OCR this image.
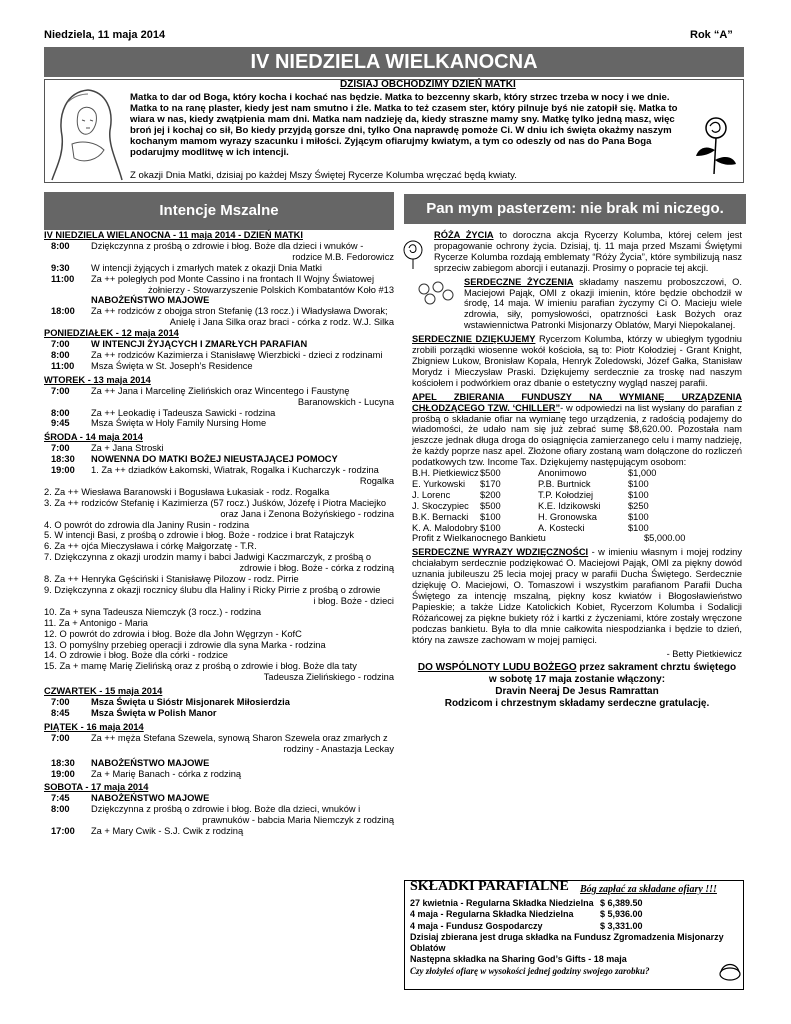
Niedziela, 11 maja 2014	Rok “A”
IV NIEDZIELA WIELKANOCNA
DZISIAJ OBCHODZIMY DZIEŃ MATKI
Matka to dar od Boga, który kocha i kochać nas będzie. Matka to bezcenny skarb, który strzec trzeba w nocy i we dnie. Matka to na ranę plaster, kiedy jest nam smutno i źle. Matka to też czasem ster, który pilnuje byś nie zatopił się. Matka to wiara w nas, kiedy zwątpienia mam dni. Matka nam nadzieję da, kiedy straszne mamy sny. Matkę tylko jedną masz, więc broń jej i kochaj co sił, Bo kiedy przyjdą gorsze dni, tylko Ona naprawdę pomoże Ci. W dniu ich święta okażmy naszym kochanym mamom wyrazy szacunku i miłości. Zyjącym ofiarujmy kwiatym, a tym co odeszly od nas do Pana Boga podarujmy modlitwę w ich intencji.
Z okazji Dnia Matki, dzisiaj po każdej Mszy Świętej Rycerze Kolumba wręczać będą kwiaty.
Intencje Mszalne	Pan mym pasterzem: nie brak mi niczego.
IV NIEDZIELA WIELANOCNA - 11 maja 2014 - DZIEŃ MATKI
8:00	Dziękczynna z prośbą o zdrowie i błog. Boże dla dzieci i wnuków -
rodzice M.B. Fedorowicz
9:30	W intencji żyjących i zmarłych matek z okazji Dnia Matki
11:00	Za ++ poległych pod Monte Cassino i na frontach II Wojny Światowej
żołnierzy - Stowarzyszenie Polskich Kombatantów Koło #13
NABOŻEŃSTWO MAJOWE
18:00	Za ++ rodziców z obojga stron Stefanię (13 rocz.) i Władysława Dworak;
Anielę i Jana Silka oraz braci - córka z rodz. W.J. Silka
PONIEDZIAŁEK - 12 maja 2014
7:00	W INTENCJI ŻYJĄCYCH I ZMARŁYCH PARAFIAN
8:00	Za ++ rodziców Kazimierza i Stanisławę Wierzbicki - dzieci z rodzinami
11:00	Msza Święta w St. Joseph’s Residence
WTOREK - 13 maja 2014
7:00	Za ++ Jana i Marcelinę Zielińskich oraz Wincentego i Faustynę
Baranowskich - Lucyna
8:00	Za ++ Leokadię i Tadeusza Sawicki - rodzina
9:45	Msza Święta w Holy Family Nursing Home
ŚRODA - 14 maja 2014
7:00	Za + Jana Stroski
18:30	NOWENNA DO MATKI BOŻEJ NIEUSTAJĄCEJ POMOCY
19:00	1. Za ++ dziadków Łakomski, Wiatrak, Rogalka i Kucharczyk - rodzina
Rogalka
2. Za ++ Wiesława Baranowski i Bogusława Łukasiak - rodz. Rogalka
3. Za ++ rodziców Stefanię i Kazimierza (57 rocz.) Juśków, Józefę i Piotra Maciejko
oraz Jana i Zenona Bożyńskiego - rodzina
4. O powrót do zdrowia dla Janiny Rusin - rodzina
5. W intencji Basi, z prośbą o zdrowie i błog. Boże - rodzice i brat Ratajczyk
6. Za ++ ojća Mieczysława i córkę Małgorzatę - T.R.
7. Dziękczynna z okazji urodzin mamy i babci Jadwigi Kaczmarczyk, z prośbą o
zdrowie i błog. Boże - córka z rodziną
8. Za ++ Henryka Gęściński i Stanisławę Pilozow - rodz. Pirrie
9. Dziękczynna z okazji rocznicy ślubu dla Haliny i Ricky Pirrie z prośbą o zdrowie
i błog. Boże - dzieci
10. Za + syna Tadeusza Niemczyk (3 rocz.) - rodzina
11. Za + Antonigo - Maria
12. O powrót do zdrowia i błog. Boże dla John Węgrzyn - KofC
13. O pomyślny przebieg operacji i zdrowie dla syna Marka - rodzina
14. O zdrowie i błog. Boże dla córki - rodzice
15. Za + mamę Marię Zielińską oraz z prośbą o zdrowie i błog. Boże dla taty
Tadeusza Zielińskiego - rodzina
CZWARTEK - 15 maja 2014
7:00	Msza Święta u Sióstr Misjonarek Miłosierdzia
8:45	Msza Święta w Polish Manor
PIĄTEK - 16 maja 2014
7:00	Za ++ męża Stefana Szewela, synową Sharon Szewela oraz zmarłych z
rodziny - Anastazja Leckay
18:30	NABOŻEŃSTWO MAJOWE
19:00	Za + Marię Banach - córka z rodziną
SOBOTA - 17 maja 2014
7:45	NABOŻEŃSTWO MAJOWE
8:00	Dziękczynna z prośbą o zdrowie i błog. Boże dla dzieci, wnuków i
prawnuków - babcia Maria Niemczyk z rodziną
17:00	Za + Mary Cwik - S.J. Cwik z rodziną
RÓŻA ŻYCIA to doroczna akcja Rycerzy Kolumba, której celem jest propagowanie ochrony życia. Dzisiaj, tj. 11 maja przed Mszami Świętymi Rycerze Kolumba rozdają emblematy “Róży Życia”, które symbilizują nasz sprzeciw zabiegom aborcji i eutanazji. Prosimy o popracie tej akcji.
SERDECZNE ŻYCZENIA składamy naszemu proboszczowi, O. Maciejowi Pająk, OMI z okazji imienin, które będzie obchodził w środę, 14 maja. W imieniu parafian życzymy Ci O. Macieju wiele zdrowia, siły, pomysłowości, opatrzności Łask Bożych oraz wstawiennictwa Patronki Misjonarzy Oblatów, Maryi Niepokalanej.
SERDECZNIE DZIĘKUJEMY Rycerzom Kolumba, którzy w ubiegłym tygodniu zrobili porządki wiosenne wokół kościoła, są to: Piotr Kołodziej - Grant Knight, Zbigniew Lukow, Bronisław Kopala, Henryk Zoledowski, Józef Gałka, Stanisław Morydz i Mieczysław Praski. Dziękujemy serdecznie za troskę nad naszym kościołem i podwórkiem oraz dbanie o estetyczny wygląd naszej parafii.
APEL ZBIERANIA FUNDUSZY NA WYMIANĘ URZĄDZENIA CHŁODZĄCEGO TZW. ‘CHILLER”- w odpowiedzi na list wysłany do parafian z prośbą o składanie ofiar na wymianę tego urządzenia, z radością podajemy do wiadomości, że udało nam się już zebrać sumę $8,620.00. Pozostała nam jeszcze jednak długa droga do osiągnięcia zamierzanego celu i mamy nadzieję, że każdy poprze nasz apel. Złożone ofiary zostaną wam dołączone do rozliczeń podatkowych tzw. Income Tax. Dziękujemy następującym osobom:
B.H. Pietkiewicz $500	Anonimowo	$1,000
E. Yurkowski	$170	P.B. Burtnick	$100
J. Lorenc	$200	T.P. Kołodziej	$100
J. Skoczypiec	$500	K.E. Idzikowski	$250
B.K. Bernacki	$100	H. Gronowska	$100
K. A. Malodobry $100	A. Kostecki	$100
Profit z Wielkanocnego Bankietu	$5,000.00
SERDECZNE WYRAZY WDZIĘCZNOŚCI - w imieniu własnym i mojej rodziny chciałabym serdecznie podziękować O. Maciejowi Pająk, OMI za piękny dowód uznania jubileuszu 25 lecia mojej pracy w parafii Ducha Świętego. Serdecznie dziękuję O. Maciejowi, O. Tomaszowi i wszystkim parafianom Parafii Ducha Świętego za intencję mszalną, piękny kosz kwiatów i Błogosławieństwo Papieskie; a także Lidze Katolickich Kobiet, Rycerzom Kolumba i Sodalicji Różańcowej za piękne bukiety róż i kartki z życzeniami, które zostały wręczone podczas bankietu. Była to dla mnie całkowita niespodzianka i będzie to dzień, który na zawsze zachowam w mojej pamięci.
- Betty Pietkiewicz
DO WSPÓLNOTY LUDU BOŻEGO przez sakrament chrztu świętego
w sobotę 17 maja zostanie włączony:
Dravin Neeraj De Jesus Ramrattan
Rodzicom i chrzestnym składamy serdeczne gratulację.
SKŁADKI PARAFIALNE Bóg zapłać za składane ofiary !!!
27 kwietnia - Regularna Składka Niedzielna $ 6,389.50
4 maja - Regularna Składka Niedzielna	$ 5,936.00
4 maja - Fundusz Gospodarczy	$ 3,331.00
Dzisiaj zbierana jest druga składka na Fundusz Zgromadzenia Misjonarzy Oblatów
Następna składka na Sharing God’s Gifts - 18 maja
Czy złożyłeś ofiarę w wysokości jednej godziny swojego zarobku?
